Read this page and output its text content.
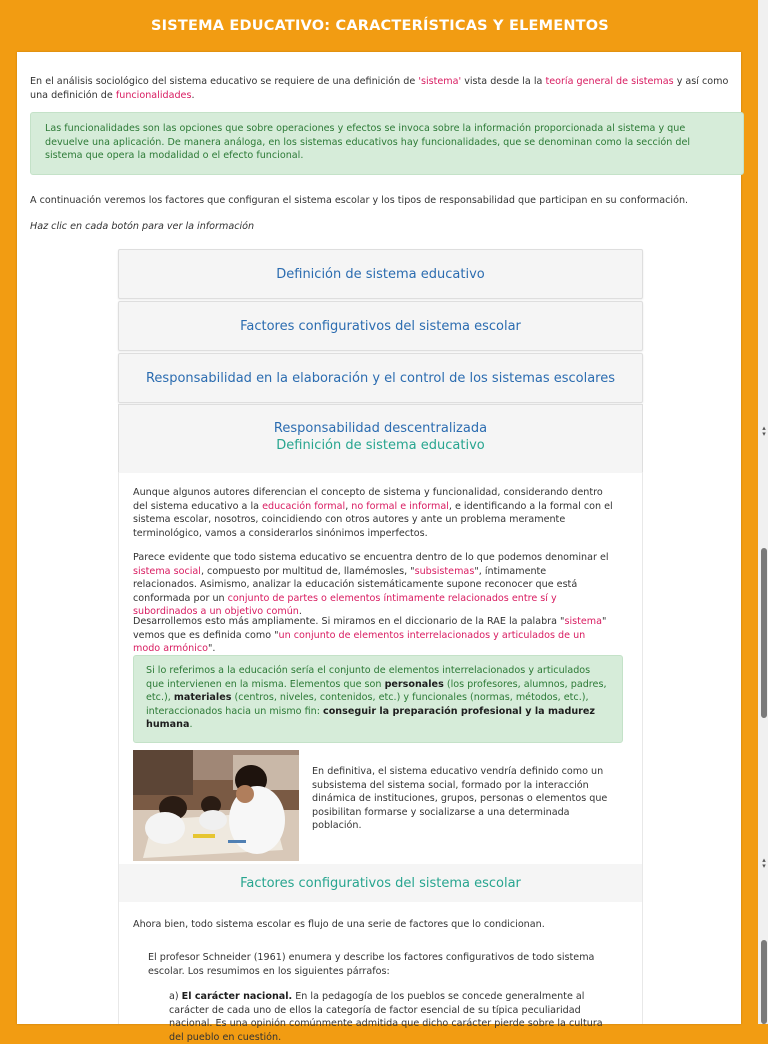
SISTEMA EDUCATIVO: CARACTERÍSTICAS Y ELEMENTOS
En el análisis sociológico del sistema educativo se requiere de una definición de 'sistema' vista desde la la teoría general de sistemas y así como una definición de funcionalidades.
Las funcionalidades son las opciones que sobre operaciones y efectos se invoca sobre la información proporcionada al sistema y que devuelve una aplicación. De manera análoga, en los sistemas educativos hay funcionalidades, que se denominan como la sección del sistema que opera la modalidad o el efecto funcional.
A continuación veremos los factores que configuran el sistema escolar y los tipos de responsabilidad que participan en su conformación.
Haz clic en cada botón para ver la información
Definición de sistema educativo
Factores configurativos del sistema escolar
Responsabilidad en la elaboración y el control de los sistemas escolares
Responsabilidad descentralizada
Definición de sistema educativo
Aunque algunos autores diferencian el concepto de sistema y funcionalidad, considerando dentro del sistema educativo a la educación formal, no formal e informal, e identificando a la formal con el sistema escolar, nosotros, coincidiendo con otros autores y ante un problema meramente terminológico, vamos a considerarlos sinónimos imperfectos.
Parece evidente que todo sistema educativo se encuentra dentro de lo que podemos denominar el sistema social, compuesto por multitud de, llamémosles, "subsistemas", íntimamente relacionados. Asimismo, analizar la educación sistemáticamente supone reconocer que está conformada por un conjunto de partes o elementos íntimamente relacionados entre sí y subordinados a un objetivo común.
Desarrollemos esto más ampliamente. Si miramos en el diccionario de la RAE la palabra "sistema" vemos que es definida como "un conjunto de elementos interrelacionados y articulados de un modo armónico".
Si lo referimos a la educación sería el conjunto de elementos interrelacionados y articulados que intervienen en la misma. Elementos que son personales (los profesores, alumnos, padres, etc.), materiales (centros, niveles, contenidos, etc.) y funcionales (normas, métodos, etc.), interaccionados hacia un mismo fin: conseguir la preparación profesional y la madurez humana.
En definitiva, el sistema educativo vendría definido como un subsistema del sistema social, formado por la interacción dinámica de instituciones, grupos, personas o elementos que posibilitan formarse y socializarse a una determinada población.
Factores configurativos del sistema escolar
Ahora bien, todo sistema escolar es flujo de una serie de factores que lo condicionan.
El profesor Schneider (1961) enumera y describe los factores configurativos de todo sistema escolar. Los resumimos en los siguientes párrafos:
a) El carácter nacional. En la pedagogía de los pueblos se concede generalmente al carácter de cada uno de ellos la categoría de factor esencial de su típica peculiaridad nacional. Es una opinión comúnmente admitida que dicho carácter pierde sobre la cultura del pueblo en cuestión.
▴
▾
▴
▾
